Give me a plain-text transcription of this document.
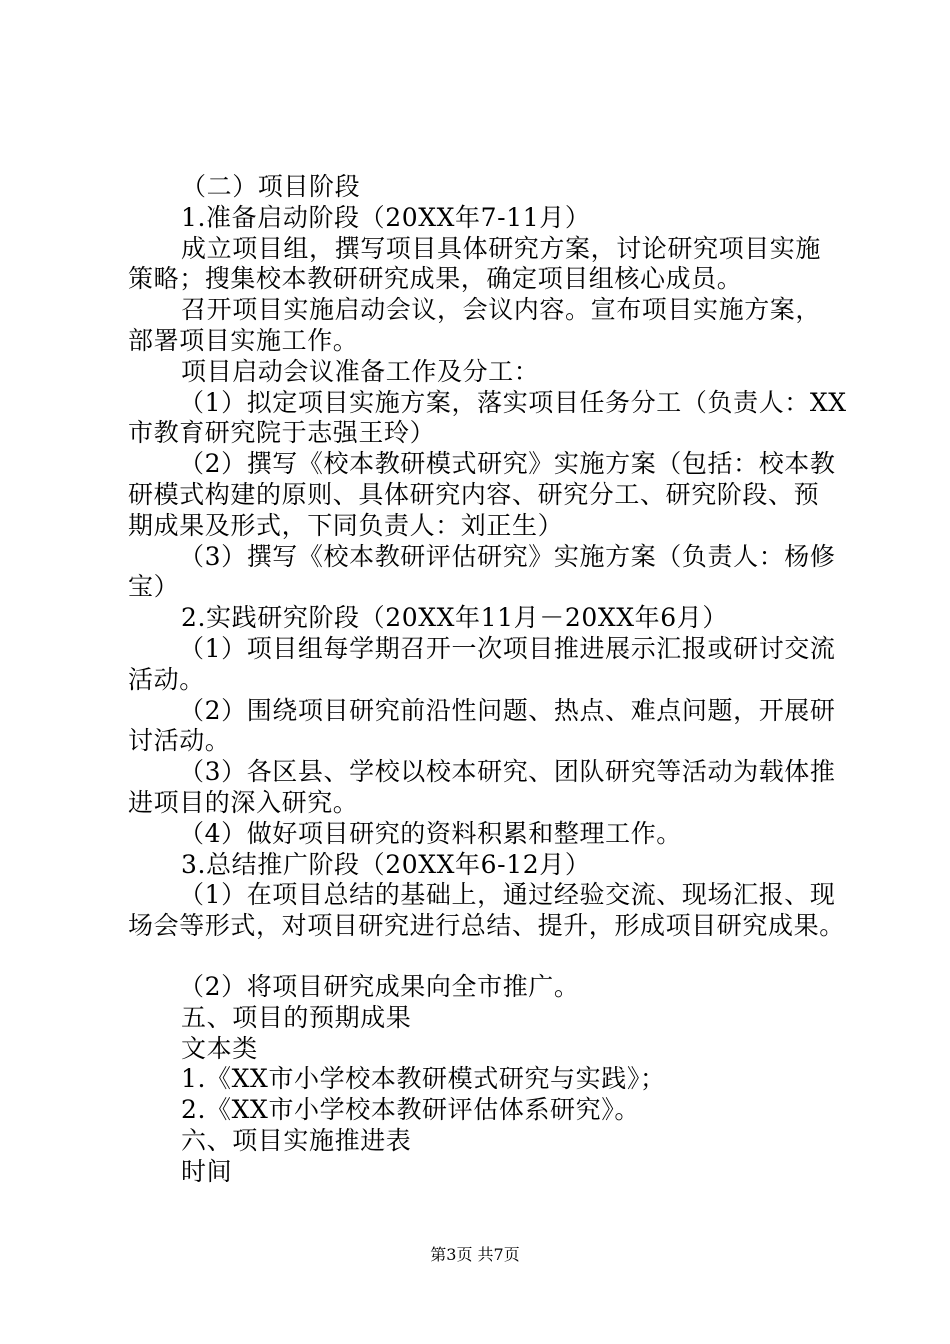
（二）项目阶段
1.准备启动阶段（20XX年7-11月）
成立项目组，撰写项目具体研究方案，讨论研究项目实施
策略；搜集校本教研研究成果，确定项目组核心成员。
召开项目实施启动会议，会议内容。宣布项目实施方案，
部署项目实施工作。
项目启动会议准备工作及分工：
（1）拟定项目实施方案，落实项目任务分工（负责人：XX
市教育研究院于志强王玲）
（2）撰写《校本教研模式研究》实施方案（包括：校本教
研模式构建的原则、具体研究内容、研究分工、研究阶段、预
期成果及形式，下同负责人：刘正生）
（3）撰写《校本教研评估研究》实施方案（负责人：杨修
宝）
2.实践研究阶段（20XX年11月－20XX年6月）
（1）项目组每学期召开一次项目推进展示汇报或研讨交流
活动。
（2）围绕项目研究前沿性问题、热点、难点问题，开展研
讨活动。
（3）各区县、学校以校本研究、团队研究等活动为载体推
进项目的深入研究。
（4）做好项目研究的资料积累和整理工作。
3.总结推广阶段（20XX年6-12月）
（1）在项目总结的基础上，通过经验交流、现场汇报、现
场会等形式，对项目研究进行总结、提升，形成项目研究成果。
（2）将项目研究成果向全市推广。
五、项目的预期成果
文本类
1.《XX市小学校本教研模式研究与实践》；
2.《XX市小学校本教研评估体系研究》。
六、项目实施推进表
时间
第3页 共7页
